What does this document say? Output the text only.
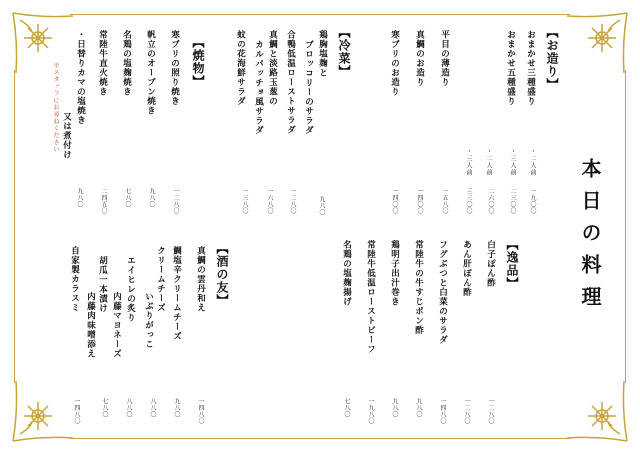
本日の料理
【お造り】
おまかせ三種盛り
おまかせ五種盛り
・二人前
・二人前	・三人前
・三人前
一九〇〇
二三〇〇
二六〇〇
三三〇〇
平目の薄造り
一五八〇
真鯛のお造り
一四〇〇
寒ブリのお造り
一四〇〇
【冷菜】
鶏胸塩麹と
ブロッコリーのサラダ
九八〇
合鴨低温ローストサラダ
一二八〇
真鯛と淡路玉葱の
カルパッチョ風サラダ
一六八〇
蚊の花海鮮サラダ
一三八〇
【焼物】
寒ブリの照り焼き
一二八〇
帆立のオーブン焼き
九八〇
名鶏の塩麹焼き
七八〇
常陸牛直火焼き
二四五〇
・日替りカマの塩焼き
又は煮付け
九八〇
※スタッフにお尋ねください
【逸品】
白子ぽん酢
一二八〇
あん肝ぽん酢
一二八〇
フグぶつと白菜のサラダ
一四八〇
常陸牛の牛すじポン酢
九八〇
鶏明子出汁巻き
九八〇
常陸牛低温ローストビーフ
一九八〇
名鶏の塩麹揚げ
七八〇
【酒の友】
真鯛の雲丹和え
一四八〇
鯛塩辛クリームチーズ
九八〇
クリームチーズ
いぶりがっこ
八八〇
エイヒレの炙り
内藤マヨネーズ
八八〇
胡瓜一本漬け
内藤肉味噌添え
七八〇
自家製カラスミ
一四八〇
